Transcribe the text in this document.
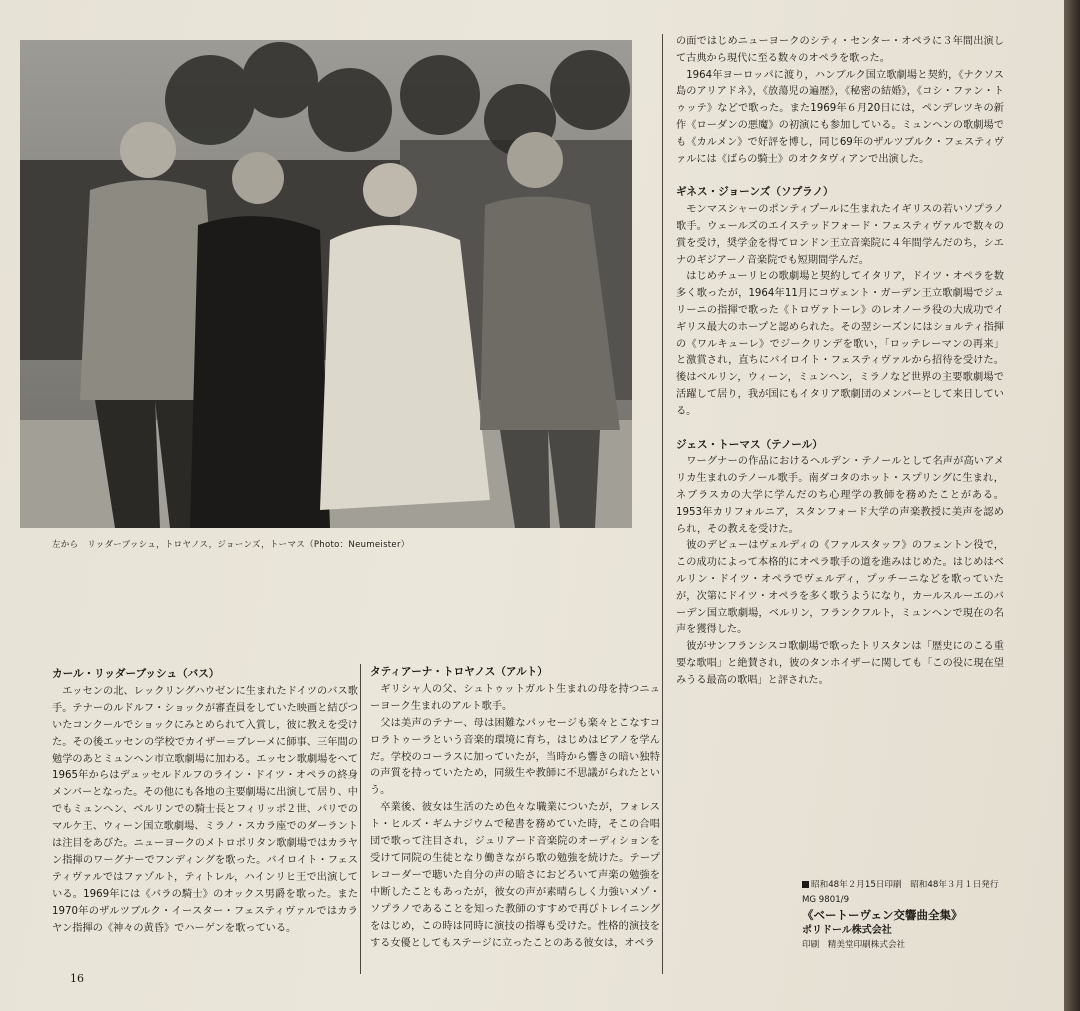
左から　リッダーブッシュ，トロヤノス，ジョーンズ，トーマス（Photo：Neumeister）
カール・リッダーブッシュ（バス）

エッセンの北、レックリングハウゼンに生まれたドイツのバス歌手。テナーのルドルフ・ショックが審査員をしていた映画と結びついたコンクールでショックにみとめられて入賞し，彼に教えを受けた。その後エッセンの学校でカイザー＝ブレーメに師事、三年間の勉学のあとミュンヘン市立歌劇場に加わる。エッセン歌劇場をへて1965年からはデュッセルドルフのライン・ドイツ・オペラの終身メンバーとなった。その他にも各地の主要劇場に出演して居り、中でもミュンヘン、ベルリンでの騎士長とフィリッポ２世、パリでのマルケ王、ウィーン国立歌劇場、ミラノ・スカラ座でのダーラントは注目をあびた。ニューヨークのメトロポリタン歌劇場ではカラヤン指揮のワーグナーでフンディングを歌った。バイロイト・フェスティヴァルではファゾルト，ティトレル，ハインリヒ王で出演している。1969年には《バラの騎士》のオックス男爵を歌った。また1970年のザルツブルク・イースター・フェスティヴァルではカラヤン指揮の《神々の黄昏》でハーゲンを歌っている。

タティアーナ・トロヤノス（アルト）

ギリシャ人の父、シュトゥットガルト生まれの母を持つニューヨーク生まれのアルト歌手。

父は美声のテナー、母は困難なパッセージも楽々とこなすコロラトゥーラという音楽的環境に育ち，はじめはピアノを学んだ。学校のコーラスに加っていたが，当時から響きの暗い独特の声質を持っていたため，同級生や教師に不思議がられたという。

卒業後、彼女は生活のため色々な職業についたが，フォレスト・ヒルズ・ギムナジウムで秘書を務めていた時，そこの合唱団で歌って注目され，ジュリアード音楽院のオーディションを受けて同院の生徒となり働きながら歌の勉強を続けた。テープレコーダーで聴いた自分の声の暗さにおどろいて声楽の勉強を中断したこともあったが，彼女の声が素晴らしく力強いメゾ・ソプラノであることを知った教師のすすめで再びトレイニングをはじめ，この時は同時に演技の指導も受けた。性格的演技をする女優としてもステージに立ったことのある彼女は，オペラ

の面ではじめニューヨークのシティ・センター・オペラに３年間出演して古典から現代に至る数々のオペラを歌った。

1964年ヨーロッパに渡り，ハンブルク国立歌劇場と契約，《ナクソス島のアリアドネ》，《放蕩児の遍歴》，《秘密の結婚》，《コシ・ファン・トゥッテ》などで歌った。また1969年６月20日には，ペンデレツキの新作《ローダンの悪魔》の初演にも参加している。ミュンヘンの歌劇場でも《カルメン》で好評を博し，同じ69年のザルツブルク・フェスティヴァルには《ばらの騎士》のオクタヴィアンで出演した。

ギネス・ジョーンズ（ソプラノ）

モンマスシャーのポンティプールに生まれたイギリスの若いソプラノ歌手。ウェールズのエイステッドフォード・フェスティヴァルで数々の賞を受け，奨学金を得てロンドン王立音楽院に４年間学んだのち，シエナのギジアーノ音楽院でも短期間学んだ。

はじめチューリヒの歌劇場と契約してイタリア，ドイツ・オペラを数多く歌ったが，1964年11月にコヴェント・ガーデン王立歌劇場でジュリーニの指揮で歌った《トロヴァトーレ》のレオノーラ役の大成功でイギリス最大のホープと認められた。その翌シーズンにはショルティ指揮の《ワルキューレ》でジークリンデを歌い，「ロッテレーマンの再来」と激賞され，直ちにバイロイト・フェスティヴァルから招待を受けた。後はベルリン，ウィーン，ミュンヘン，ミラノなど世界の主要歌劇場で活躍して居り，我が国にもイタリア歌劇団のメンバーとして来日している。

ジェス・トーマス（テノール）

ワーグナーの作品におけるヘルデン・テノールとして名声が高いアメリカ生まれのテノール歌手。南ダコタのホット・スプリングに生まれ，ネブラスカの大学に学んだのち心理学の教師を務めたことがある。1953年カリフォルニア，スタンフォード大学の声楽教授に美声を認められ，その教えを受けた。

彼のデビューはヴェルディの《ファルスタッフ》のフェントン役で，この成功によって本格的にオペラ歌手の道を進みはじめた。はじめはベルリン・ドイツ・オペラでヴェルディ，プッチーニなどを歌っていたが，次第にドイツ・オペラを多く歌うようになり，カールスルーエのバーデン国立歌劇場，ベルリン，フランクフルト，ミュンヘンで現在の名声を獲得した。

彼がサンフランシスコ歌劇場で歌ったトリスタンは「歴史にのこる重要な歌唱」と絶賛され，彼のタンホイザーに関しても「この役に現在望みうる最高の歌唱」と評された。

昭和48年２月15日印刷　昭和48年３月１日発行
MG 9801/9
《ベートーヴェン交響曲全集》
ポリドール株式会社
印刷　精美堂印刷株式会社
16
